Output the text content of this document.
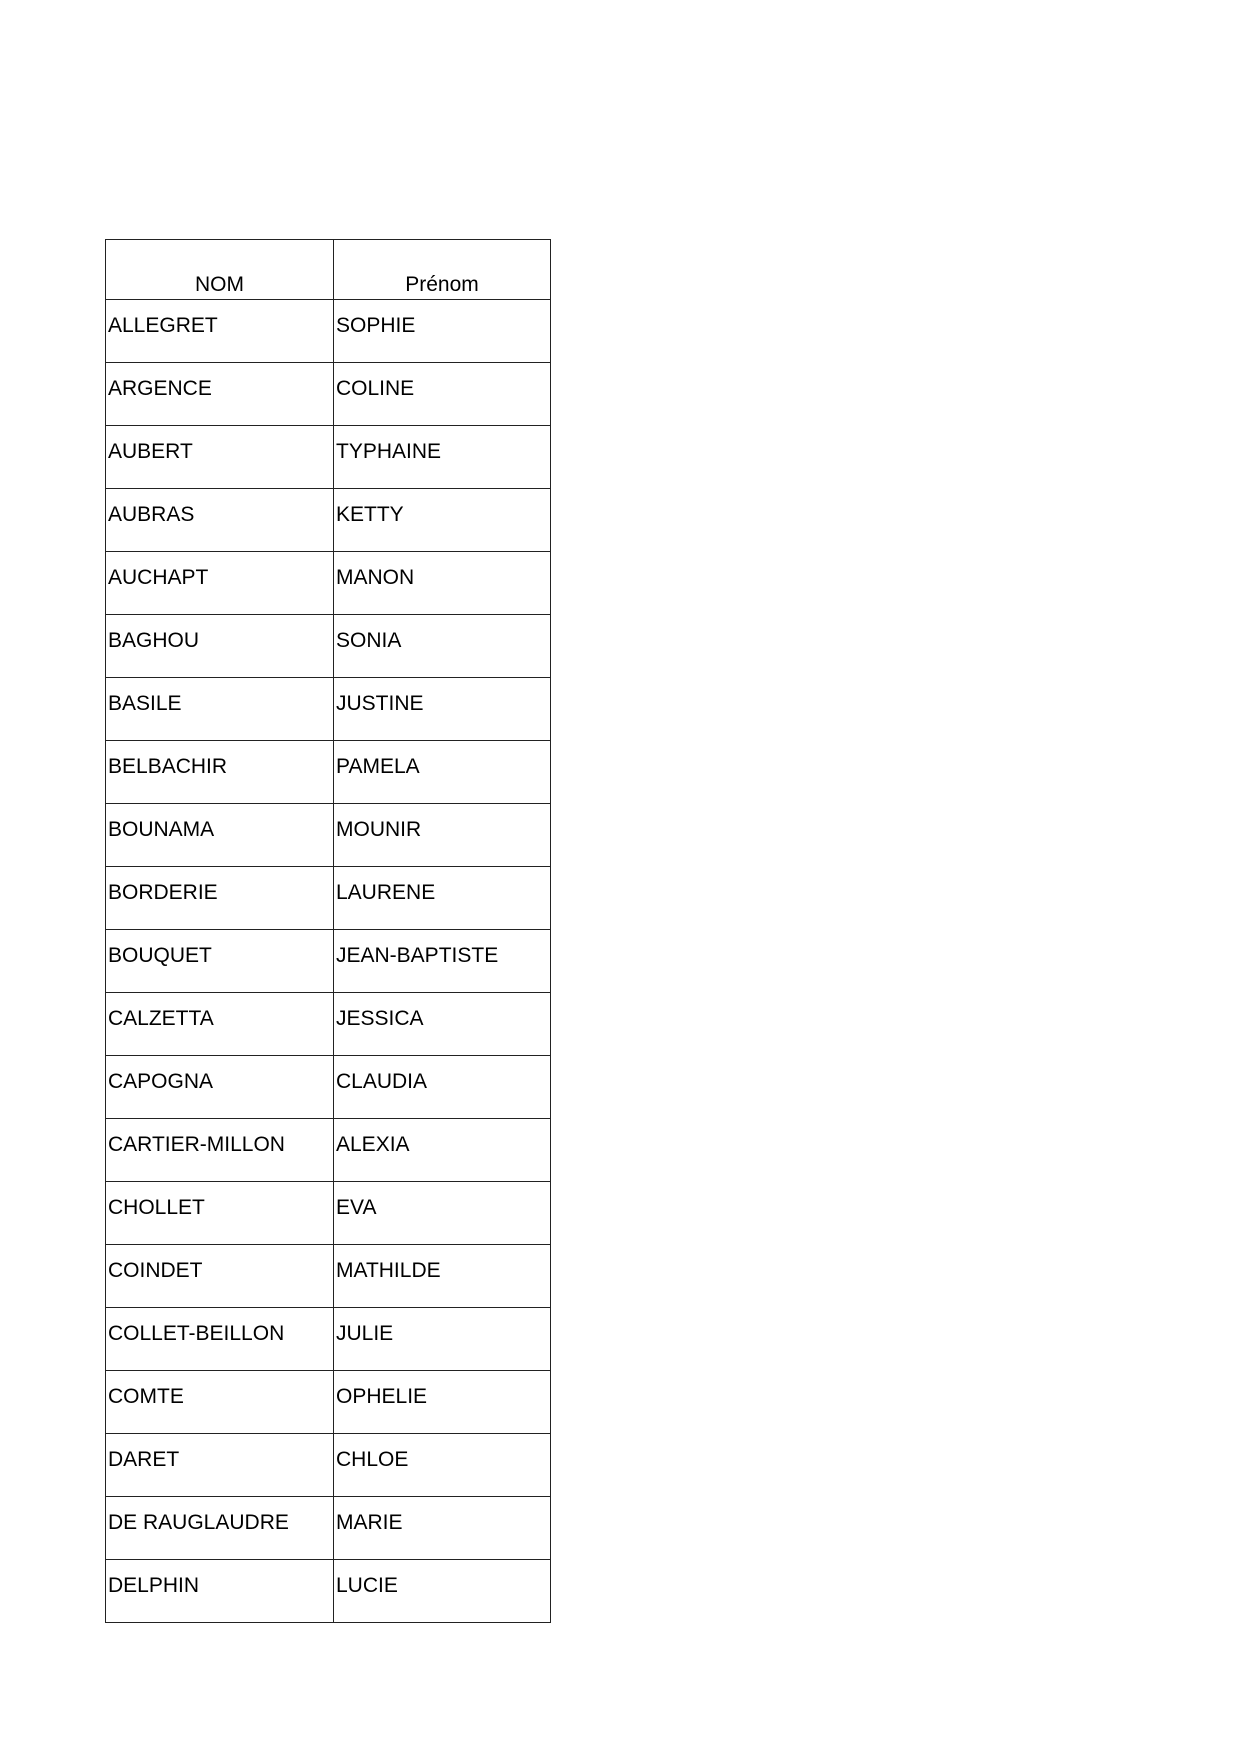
NOM	Prénom
ALLEGRET	SOPHIE
ARGENCE	COLINE
AUBERT	TYPHAINE
AUBRAS	KETTY
AUCHAPT	MANON
BAGHOU	SONIA
BASILE	JUSTINE
BELBACHIR	PAMELA
BOUNAMA	MOUNIR
BORDERIE	LAURENE
BOUQUET	JEAN-BAPTISTE
CALZETTA	JESSICA
CAPOGNA	CLAUDIA
CARTIER-MILLON	ALEXIA
CHOLLET	EVA
COINDET	MATHILDE
COLLET-BEILLON	JULIE
COMTE	OPHELIE
DARET	CHLOE
DE RAUGLAUDRE	MARIE
DELPHIN	LUCIE
